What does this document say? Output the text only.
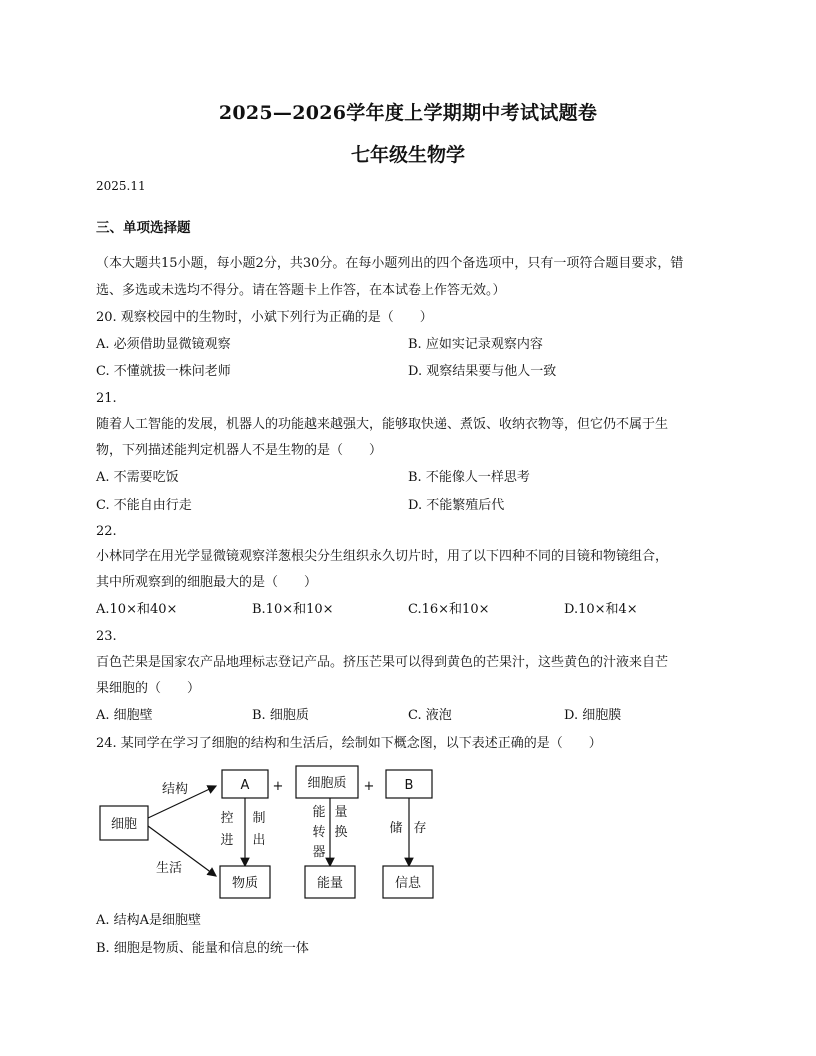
2025—2026学年度上学期期中考试试题卷
七年级生物学
2025.11
三、单项选择题
（本大题共15小题，每小题2分，共30分。在每小题列出的四个备选项中，只有一项符合题目要求，错
选、多选或未选均不得分。请在答题卡上作答，在本试卷上作答无效。）
20. 观察校园中的生物时，小斌下列行为正确的是（　　）
A. 必须借助显微镜观察	B. 应如实记录观察内容
C. 不懂就拔一株问老师	D. 观察结果要与他人一致
21.
随着人工智能的发展，机器人的功能越来越强大，能够取快递、煮饭、收纳衣物等，但它仍不属于生
物，下列描述能判定机器人不是生物的是（　　）
A. 不需要吃饭	B. 不能像人一样思考
C. 不能自由行走	D. 不能繁殖后代
22.
小林同学在用光学显微镜观察洋葱根尖分生组织永久切片时，用了以下四种不同的目镜和物镜组合，
其中所观察到的细胞最大的是（　　）
A.10×和40×	B.10×和10×	C.16×和10×	D.10×和4×
23.
百色芒果是国家农产品地理标志登记产品。挤压芒果可以得到黄色的芒果汁，这些黄色的汁液来自芒
果细胞的（　　）
A. 细胞壁	B. 细胞质	C. 液泡	D. 细胞膜
24. 某同学在学习了细胞的结构和生活后，绘制如下概念图，以下表述正确的是（　　）
细胞
结构
生活
A + 细胞质 + B
控
进
制
出
能 量
转 换
器
储 存
物质	能量	信息
A. 结构A是细胞壁
B. 细胞是物质、能量和信息的统一体
